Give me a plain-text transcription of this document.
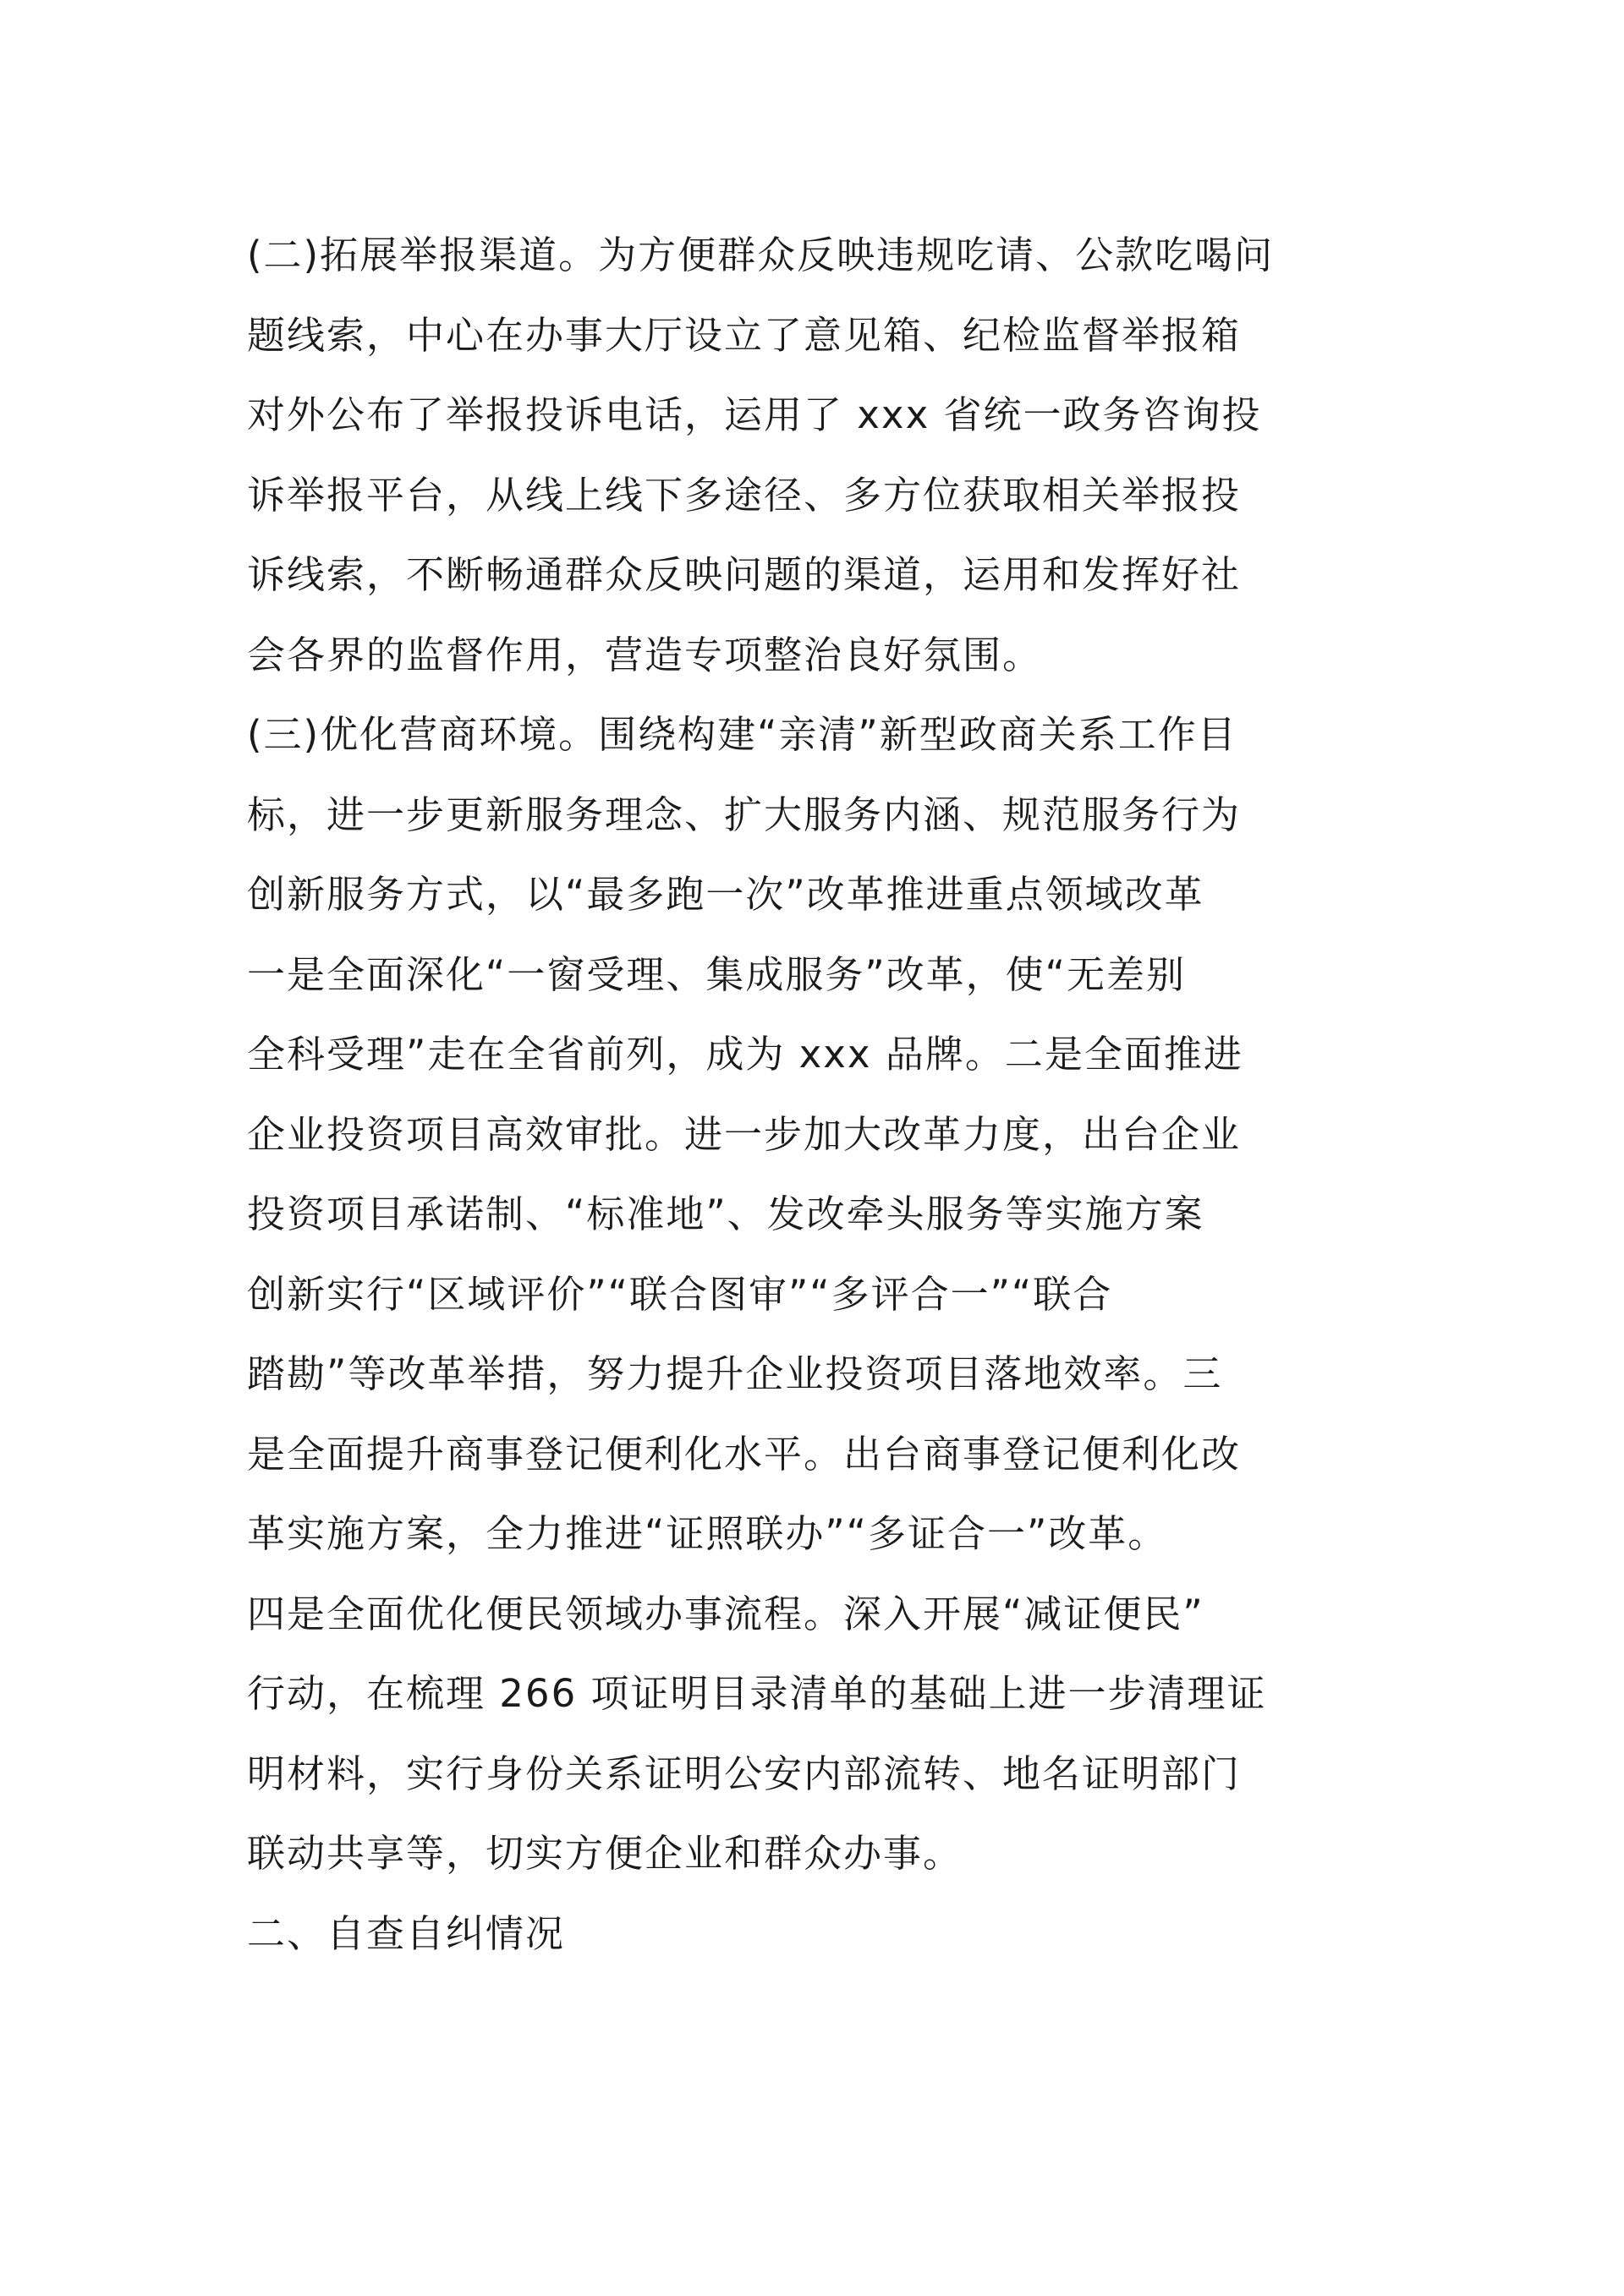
(二)拓展举报渠道。为方便群众反映违规吃请、公款吃喝问
题线索，中心在办事大厅设立了意见箱、纪检监督举报箱
对外公布了举报投诉电话，运用了 xxx 省统一政务咨询投
诉举报平台，从线上线下多途径、多方位获取相关举报投
诉线索，不断畅通群众反映问题的渠道，运用和发挥好社
会各界的监督作用，营造专项整治良好氛围。
(三)优化营商环境。围绕构建“亲清”新型政商关系工作目
标，进一步更新服务理念、扩大服务内涵、规范服务行为
创新服务方式，以“最多跑一次”改革推进重点领域改革
一是全面深化“一窗受理、集成服务”改革，使“无差别
全科受理”走在全省前列，成为 xxx 品牌。二是全面推进
企业投资项目高效审批。进一步加大改革力度，出台企业
投资项目承诺制、“标准地”、发改牵头服务等实施方案
创新实行“区域评价”“联合图审”“多评合一”“联合
踏勘”等改革举措，努力提升企业投资项目落地效率。三
是全面提升商事登记便利化水平。出台商事登记便利化改
革实施方案，全力推进“证照联办”“多证合一”改革。
四是全面优化便民领域办事流程。深入开展“减证便民”
行动，在梳理 266 项证明目录清单的基础上进一步清理证
明材料，实行身份关系证明公安内部流转、地名证明部门
联动共享等，切实方便企业和群众办事。
二、自查自纠情况
